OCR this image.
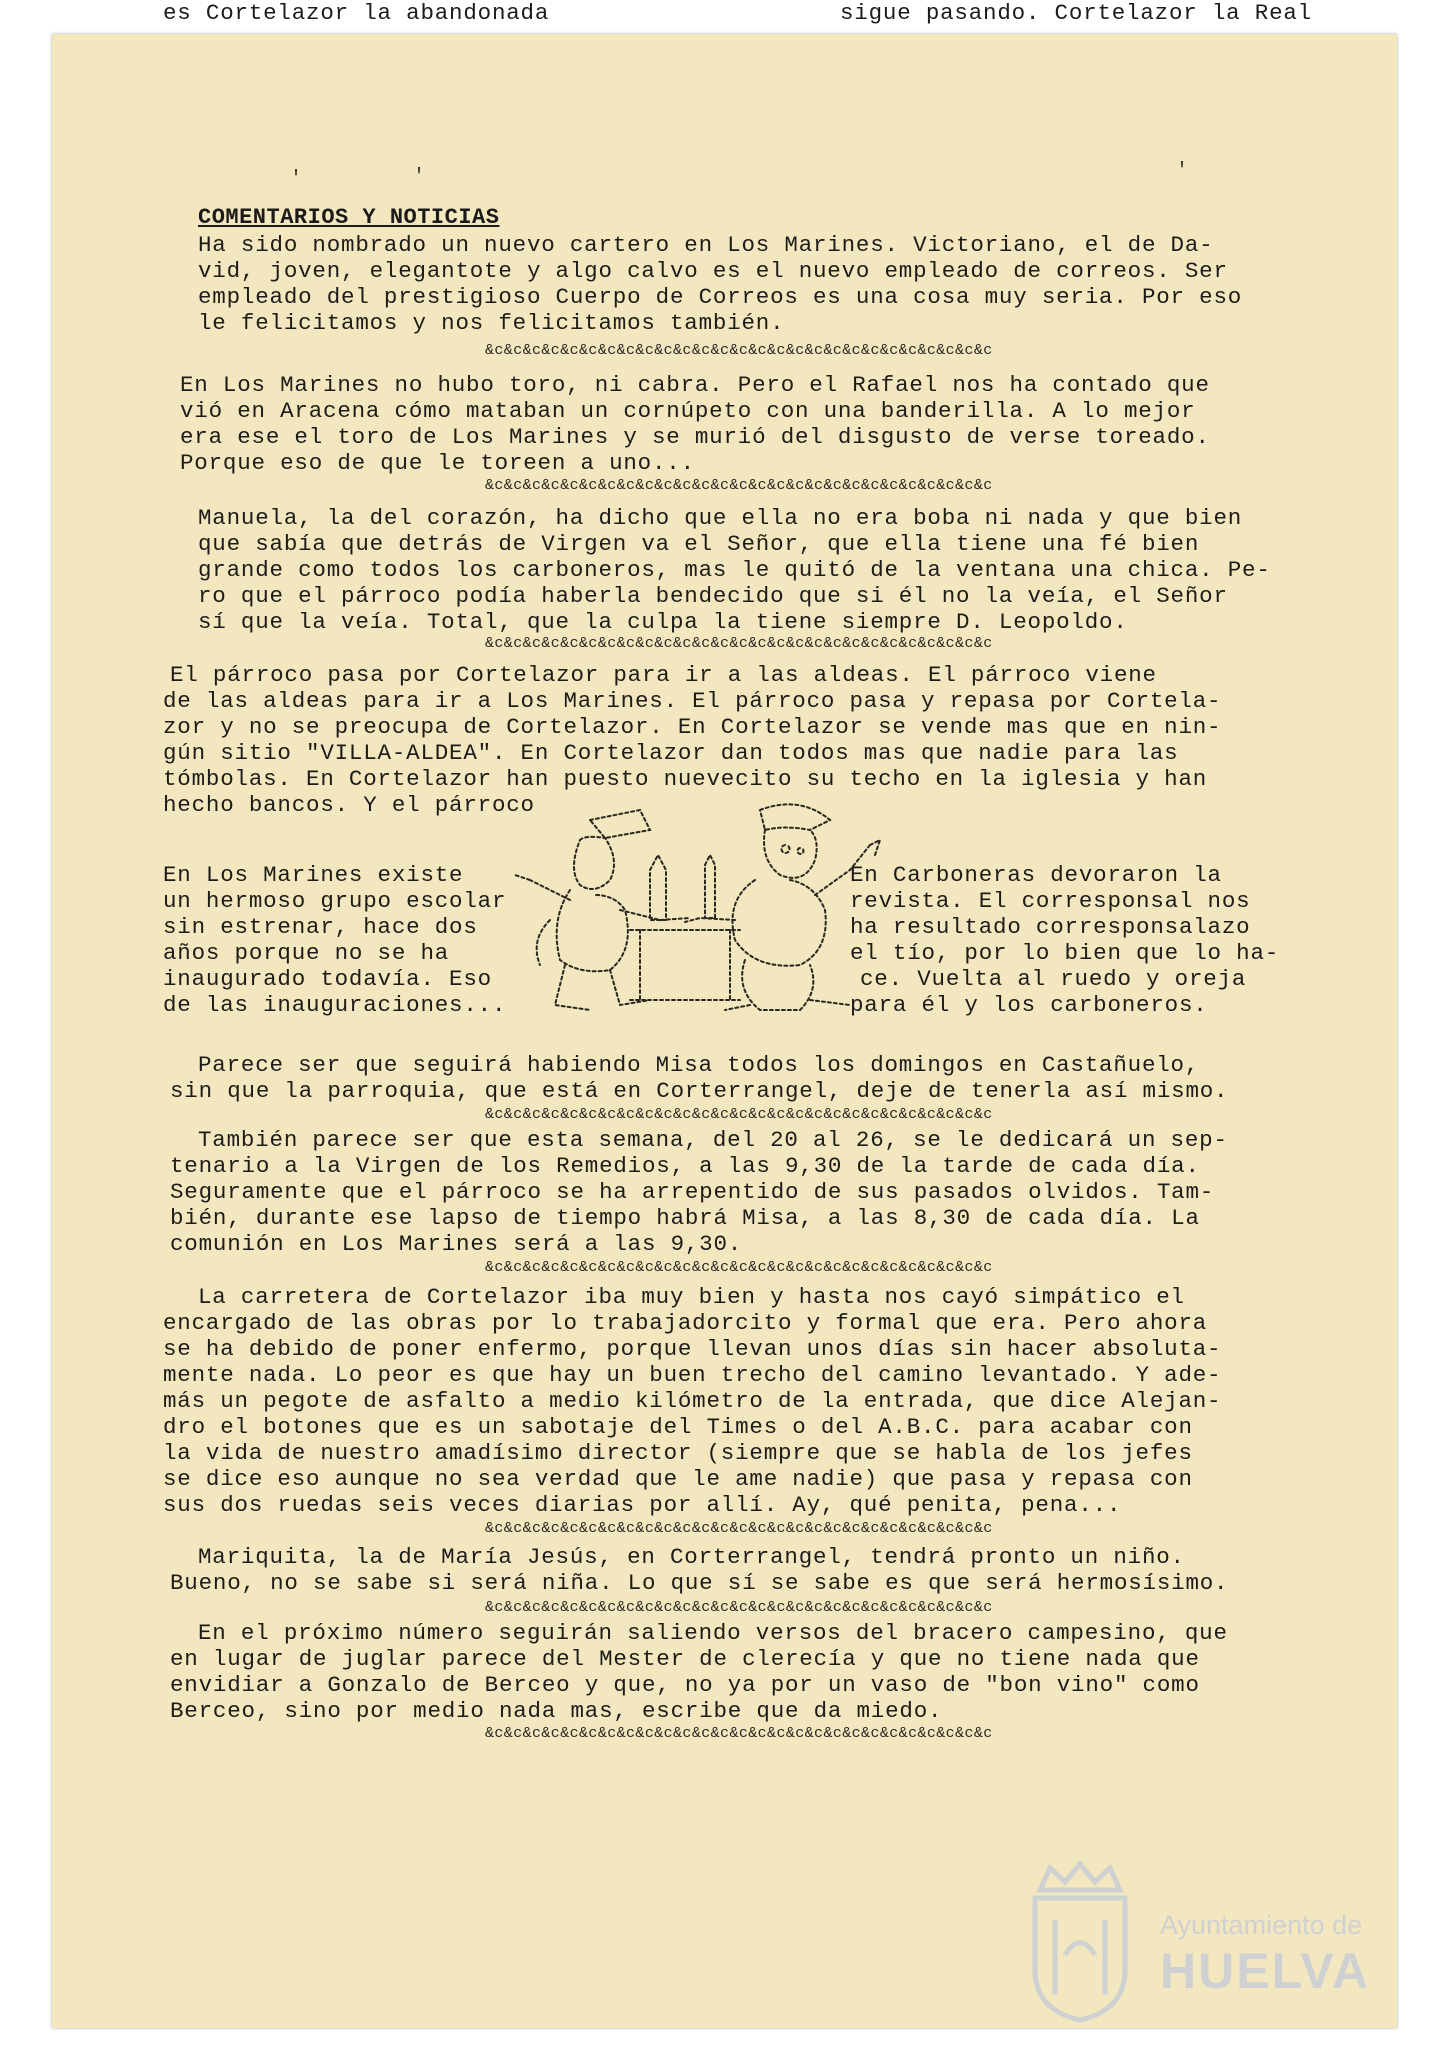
'	'	'
COMENTARIOS Y NOTICIAS
Ha sido nombrado un nuevo cartero en Los Marines. Victoriano, el de Da-
vid, joven, elegantote y algo calvo es el nuevo empleado de correos. Ser
empleado del prestigioso Cuerpo de Correos es una cosa muy seria. Por eso
le felicitamos y nos felicitamos también.
En Los Marines no hubo toro, ni cabra. Pero el Rafael nos ha contado que
vió en Aracena cómo mataban un cornúpeto con una banderilla. A lo mejor
era ese el toro de Los Marines y se murió del disgusto de verse toreado.
Porque eso de que le toreen a uno...
Manuela, la del corazón, ha dicho que ella no era boba ni nada y que bien
que sabía que detrás de Virgen va el Señor, que ella tiene una fé bien
grande como todos los carboneros, mas le quitó de la ventana una chica. Pe-
ro que el párroco podía haberla bendecido que si él no la veía, el Señor
sí que la veía. Total, que la culpa la tiene siempre D. Leopoldo.
El párroco pasa por Cortelazor para ir a las aldeas. El párroco viene
de las aldeas para ir a Los Marines. El párroco pasa y repasa por Cortela-
zor y no se preocupa de Cortelazor. En Cortelazor se vende mas que en nin-
gún sitio "VILLA-ALDEA". En Cortelazor dan todos mas que nadie para las
tómbolas. En Cortelazor han puesto nuevecito su techo en la iglesia y han
hecho bancos. Y el párroco
sigue pasando. Cortelazor la Real
es Cortelazor la abandonada
En Los Marines existe
un hermoso grupo escolar
sin estrenar, hace dos
años porque no se ha
inaugurado todavía. Eso
de las inauguraciones...
En Carboneras devoraron la
revista. El corresponsal nos
ha resultado corresponsalazo
el tío, por lo bien que lo ha-
ce. Vuelta al ruedo y oreja
para él y los carboneros.
Parece ser que seguirá habiendo Misa todos los domingos en Castañuelo,
sin que la parroquia, que está en Corterrangel, deje de tenerla así mismo.
También parece ser que esta semana, del 20 al 26, se le dedicará un sep-
tenario a la Virgen de los Remedios, a las 9,30 de la tarde de cada día.
Seguramente que el párroco se ha arrepentido de sus pasados olvidos. Tam-
bién, durante ese lapso de tiempo habrá Misa, a las 8,30 de cada día. La
comunión en Los Marines será a las 9,30.
La carretera de Cortelazor iba muy bien y hasta nos cayó simpático el
encargado de las obras por lo trabajadorcito y formal que era. Pero ahora
se ha debido de poner enfermo, porque llevan unos días sin hacer absoluta-
mente nada. Lo peor es que hay un buen trecho del camino levantado. Y ade-
más un pegote de asfalto a medio kilómetro de la entrada, que dice Alejan-
dro el botones que es un sabotaje del Times o del A.B.C. para acabar con
la vida de nuestro amadísimo director (siempre que se habla de los jefes
se dice eso aunque no sea verdad que le ame nadie) que pasa y repasa con
sus dos ruedas seis veces diarias por allí. Ay, qué penita, pena...
Mariquita, la de María Jesús, en Corterrangel, tendrá pronto un niño.
Bueno, no se sabe si será niña. Lo que sí se sabe es que será hermosísimo.
En el próximo número seguirán saliendo versos del bracero campesino, que
en lugar de juglar parece del Mester de clerecía y que no tiene nada que
envidiar a Gonzalo de Berceo y que, no ya por un vaso de "bon vino" como
Berceo, sino por medio nada mas, escribe que da miedo.
&c&c&c&c&c&c&c&c&c&c&c&c&c&c&c&c&c&c&c&c&c&c&c&c&c&c&c
&c&c&c&c&c&c&c&c&c&c&c&c&c&c&c&c&c&c&c&c&c&c&c&c&c&c&c
&c&c&c&c&c&c&c&c&c&c&c&c&c&c&c&c&c&c&c&c&c&c&c&c&c&c&c
&c&c&c&c&c&c&c&c&c&c&c&c&c&c&c&c&c&c&c&c&c&c&c&c&c&c&c
&c&c&c&c&c&c&c&c&c&c&c&c&c&c&c&c&c&c&c&c&c&c&c&c&c&c&c
&c&c&c&c&c&c&c&c&c&c&c&c&c&c&c&c&c&c&c&c&c&c&c&c&c&c&c
&c&c&c&c&c&c&c&c&c&c&c&c&c&c&c&c&c&c&c&c&c&c&c&c&c&c&c
&c&c&c&c&c&c&c&c&c&c&c&c&c&c&c&c&c&c&c&c&c&c&c&c&c&c&c
Ayuntamiento de
HUELVA
